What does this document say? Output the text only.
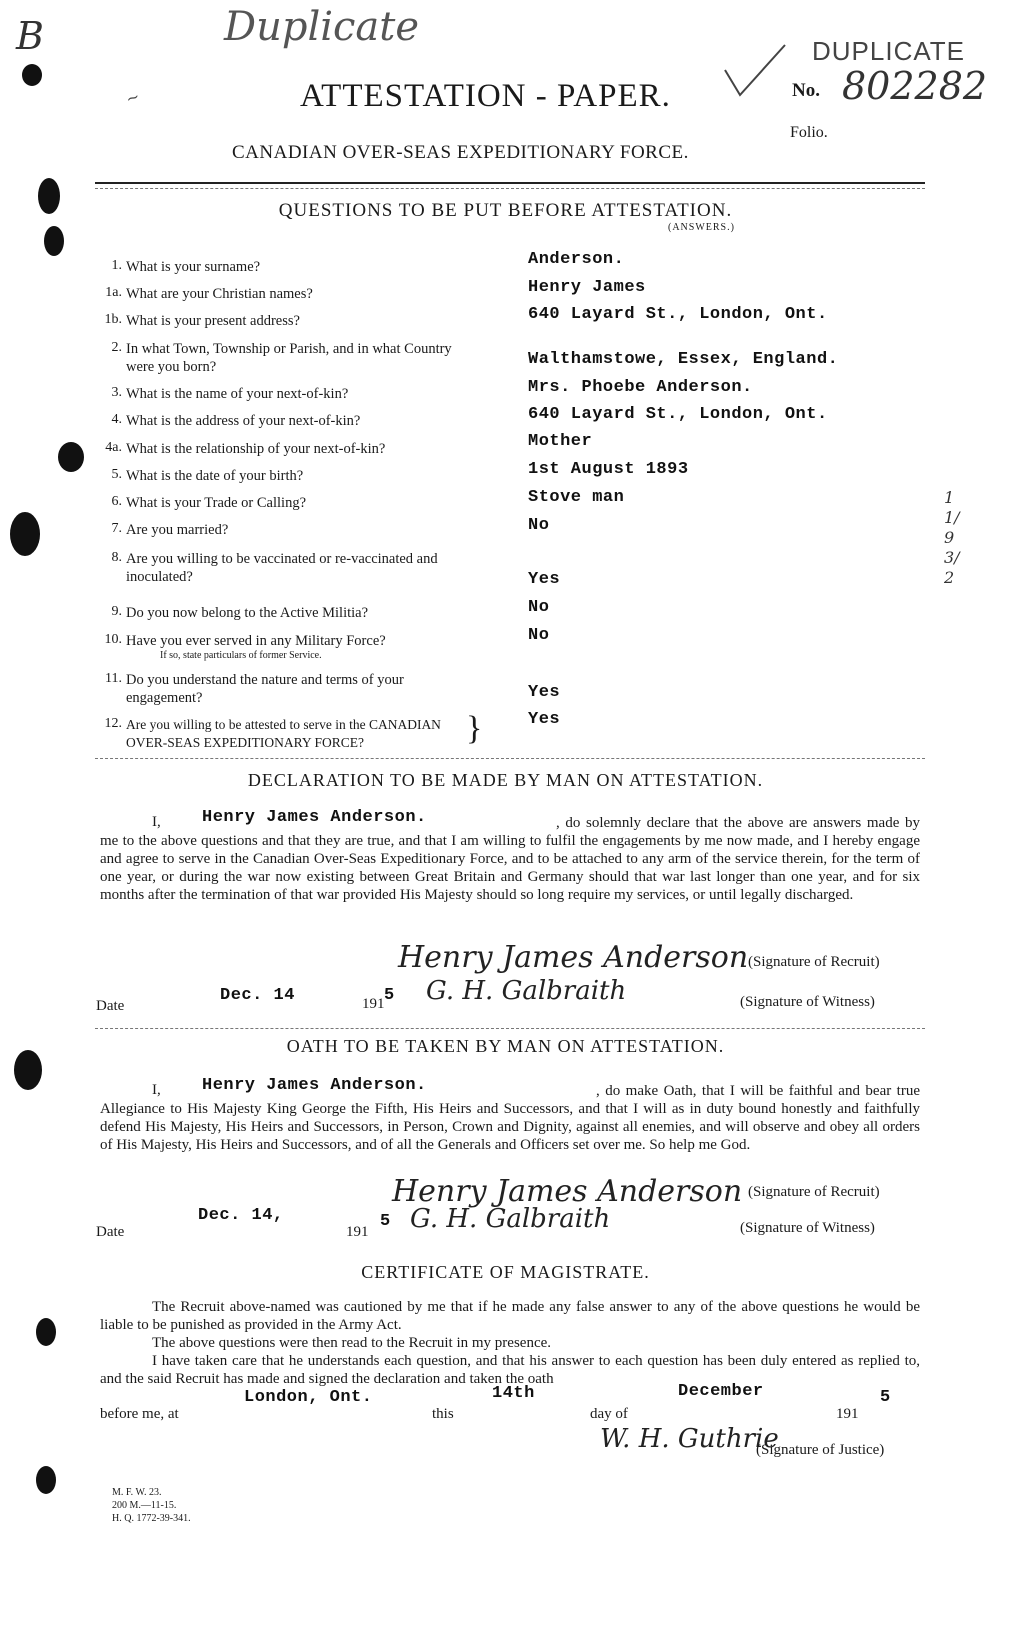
B	Duplicate
11/93/2
~	ATTESTATION - PAPER.
CANADIAN OVER-SEAS EXPEDITIONARY FORCE.
DUPLICATE
No. 802282
Folio.
QUESTIONS TO BE PUT BEFORE ATTESTATION.
(ANSWERS.)
1. What is your surname?	Anderson.
1a. What are your Christian names?	Henry James
1b. What is your present address?	640 Layard St., London, Ont.
2. In what Town, Township or Parish, and in what Country were you born?	Walthamstowe, Essex, England.
3. What is the name of your next-of-kin?	Mrs. Phoebe Anderson.
4. What is the address of your next-of-kin?	640 Layard St., London, Ont.
4a. What is the relationship of your next-of-kin?	Mother
5. What is the date of your birth?	1st August 1893
6. What is your Trade or Calling?	Stove man
7. Are you married?	No
8. Are you willing to be vaccinated or re-vaccinated and inoculated?	Yes
9. Do you now belong to the Active Militia?	No
10. Have you ever served in any Military Force?
If so, state particulars of former Service.
No
11. Do you understand the nature and terms of your engagement?	Yes
12. Are you willing to be attested to serve in the CANADIAN OVER-SEAS EXPEDITIONARY FORCE?	}	Yes
DECLARATION TO BE MADE BY MAN ON ATTESTATION.
I, Henry James Anderson.	, do solemnly declare that the above are answers made by me to the above questions and that they are true, and that I am willing to fulfil the engagements by me now made, and I hereby engage and agree to serve in the Canadian Over-Seas Expeditionary Force, and to be attached to any arm of the service therein, for the term of one year, or during the war now existing between Great Britain and Germany should that war last longer than one year, and for six months after the termination of that war provided His Majesty should so long require my services, or until legally discharged.
Henry James Anderson (Signature of Recruit)
Date
Dec. 14	191 5 G. H. Galbraith	(Signature of Witness)
OATH TO BE TAKEN BY MAN ON ATTESTATION.
I, Henry James Anderson.	, do make Oath, that I will be faithful and bear true Allegiance to His Majesty King George the Fifth, His Heirs and Successors, and that I will as in duty bound honestly and faithfully defend His Majesty, His Heirs and Successors, in Person, Crown and Dignity, against all enemies, and will observe and obey all orders of His Majesty, His Heirs and Successors, and of all the Generals and Officers set over me. So help me God.
Henry James Anderson (Signature of Recruit)
Date
Dec. 14,
191
5 G. H. Galbraith	(Signature of Witness)
CERTIFICATE OF MAGISTRATE.
The Recruit above-named was cautioned by me that if he made any false answer to any of the above questions he would be liable to be punished as provided in the Army Act.
The above questions were then read to the Recruit in my presence.
I have taken care that he understands each question, and that his answer to each question has been duly entered as replied to, and the said Recruit has made and signed the declaration and taken the oath
before me, at
London, Ont.
this
14th
day of
December
191
5
W. H. Guthrie
(Signature of Justice)
M. F. W. 23.
200 M.—11-15.
H. Q. 1772-39-341.
